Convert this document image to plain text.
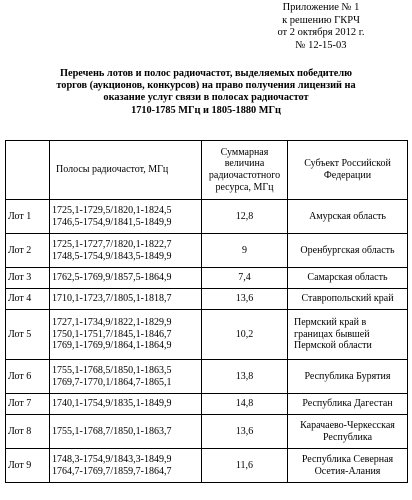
Приложение № 1
к решению ГКРЧ
от 2 октября 2012 г.
№ 12-15-03
Перечень лотов и полос радиочастот, выделяемых победителю
торгов (аукционов, конкурсов) на право получения лицензий на
оказание услуг связи в полосах радиочастот
1710-1785 МГц и 1805-1880 МГц
	Полосы радиочастот, МГц	Суммарная
величина
радиочастотного
ресурса, МГц	Субъект Российской
Федерации

Лот 1	1725,1-1729,5/1820,1-1824,5
1746,5-1754,9/1841,5-1849,9	12,8	Амурская область

Лот 2	1725,1-1727,7/1820,1-1822,7
1748,5-1754,9/1843,5-1849,9	9	Оренбургская область

Лот 3	1762,5-1769,9/1857,5-1864,9	7,4	Самарская область

Лот 4	1710,1-1723,7/1805,1-1818,7	13,6	Ставропольский край

Лот 5	1727,1-1734,9/1822,1-1829,9
1750,1-1751,7/1845,1-1846,7
1769,1-1769,9/1864,1-1864,9	10,2	Пермский край в
границах бывшей
Пермской области

Лот 6	1755,1-1768,5/1850,1-1863,5
1769,7-1770,1/1864,7-1865,1	13,8	Республика Бурятия

Лот 7	1740,1-1754,9/1835,1-1849,9	14,8	Республика Дагестан

Лот 8	1755,1-1768,7/1850,1-1863,7	13,6	Карачаево-Черкесская
Республика

Лот 9	1748,3-1754,9/1843,3-1849,9
1764,7-1769,7/1859,7-1864,7	11,6	Республика Северная
Осетия-Алания
